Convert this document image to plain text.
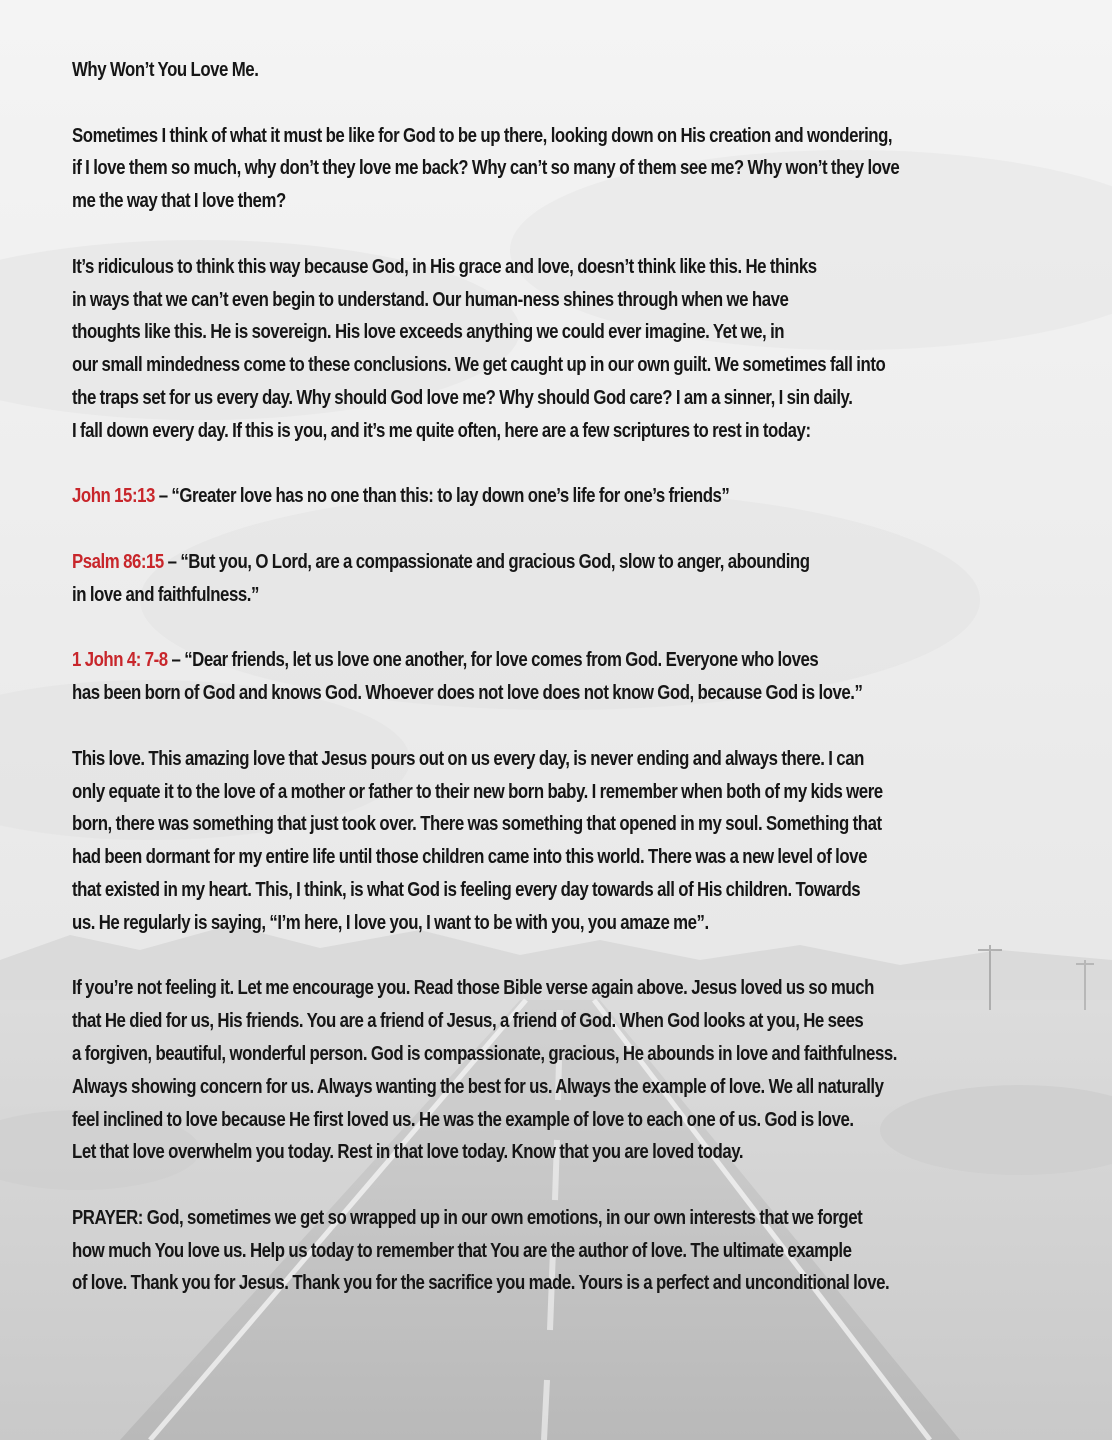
Why Won’t You Love Me.

Sometimes I think of what it must be like for God to be up there, looking down on His creation and wondering,
if I love them so much, why don’t they love me back? Why can’t so many of them see me? Why won’t they love
me the way that I love them?

It’s ridiculous to think this way because God, in His grace and love, doesn’t think like this. He thinks
in ways that we can’t even begin to understand. Our human-ness shines through when we have
thoughts like this. He is sovereign. His love exceeds anything we could ever imagine. Yet we, in
our small mindedness come to these conclusions. We get caught up in our own guilt. We sometimes fall into
the traps set for us every day. Why should God love me? Why should God care? I am a sinner, I sin daily.
I fall down every day. If this is you, and it’s me quite often, here are a few scriptures to rest in today:

John 15:13 – “Greater love has no one than this: to lay down one’s life for one’s friends”

Psalm 86:15 – “But you, O Lord, are a compassionate and gracious God, slow to anger, abounding
in love and faithfulness.”

1 John 4: 7-8 – “Dear friends, let us love one another, for love comes from God. Everyone who loves
has been born of God and knows God. Whoever does not love does not know God, because God is love.”

This love. This amazing love that Jesus pours out on us every day, is never ending and always there. I can
only equate it to the love of a mother or father to their new born baby. I remember when both of my kids were
born, there was something that just took over. There was something that opened in my soul. Something that
had been dormant for my entire life until those children came into this world. There was a new level of love
that existed in my heart. This, I think, is what God is feeling every day towards all of His children. Towards
us. He regularly is saying, “I’m here, I love you, I want to be with you, you amaze me”.

If you’re not feeling it. Let me encourage you. Read those Bible verse again above. Jesus loved us so much
that He died for us, His friends. You are a friend of Jesus, a friend of God. When God looks at you, He sees
a forgiven, beautiful, wonderful person. God is compassionate, gracious, He abounds in love and faithfulness.
Always showing concern for us. Always wanting the best for us. Always the example of love. We all naturally
feel inclined to love because He first loved us. He was the example of love to each one of us. God is love.
Let that love overwhelm you today. Rest in that love today. Know that you are loved today.

PRAYER: God, sometimes we get so wrapped up in our own emotions, in our own interests that we forget
how much You love us. Help us today to remember that You are the author of love. The ultimate example
of love. Thank you for Jesus. Thank you for the sacrifice you made. Yours is a perfect and unconditional love.
